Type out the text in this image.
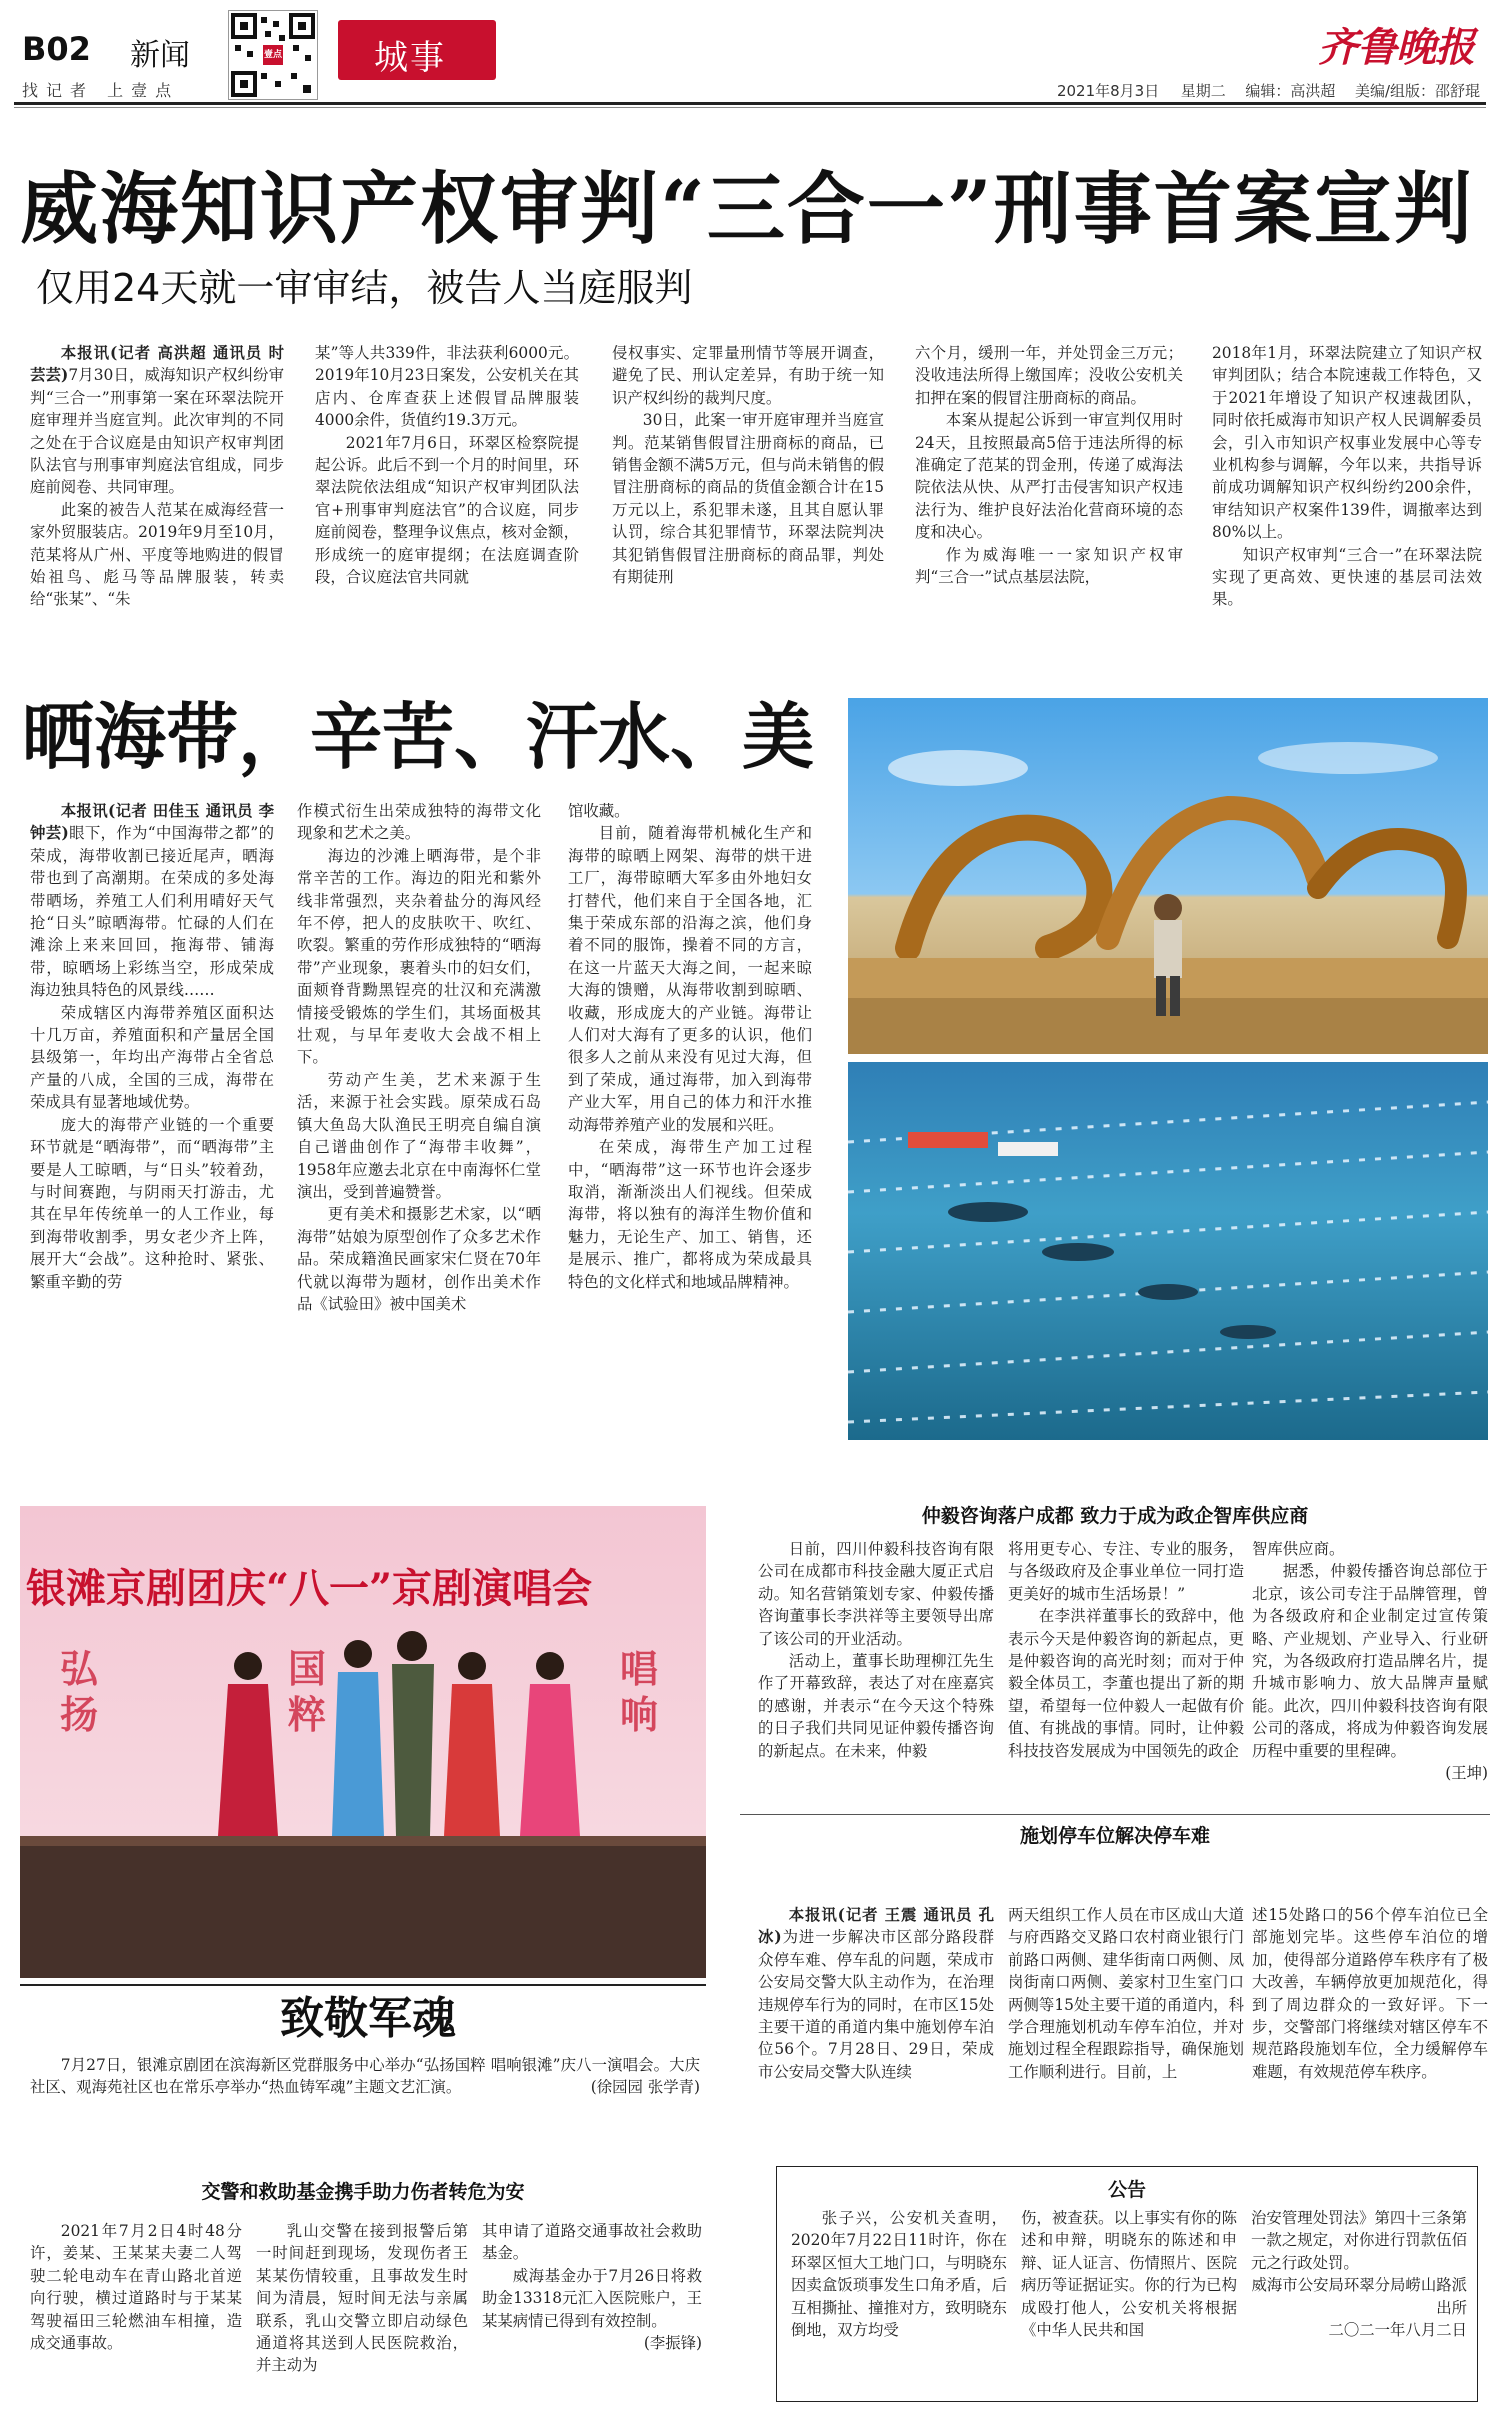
B02 新闻
找记者 上壹点
壹点	城事	齐鲁晚报
2021年8月3日 星期二 编辑：高洪超 美编/组版：邵舒琨
威海知识产权审判“三合一”刑事首案宣判
仅用24天就一审审结，被告人当庭服判

本报讯(记者 高洪超 通讯员 时芸芸)7月30日，威海知识产权纠纷审判“三合一”刑事第一案在环翠法院开庭审理并当庭宣判。此次审判的不同之处在于合议庭是由知识产权审判团队法官与刑事审判庭法官组成，同步庭前阅卷、共同审理。

此案的被告人范某在威海经营一家外贸服装店。2019年9月至10月，范某将从广州、平度等地购进的假冒始祖鸟、彪马等品牌服装，转卖给“张某”、“朱

某”等人共339件，非法获利6000元。2019年10月23日案发，公安机关在其店内、仓库查获上述假冒品牌服装4000余件，货值约19.3万元。

2021年7月6日，环翠区检察院提起公诉。此后不到一个月的时间里，环翠法院依法组成“知识产权审判团队法官+刑事审判庭法官”的合议庭，同步庭前阅卷，整理争议焦点，核对金额，形成统一的庭审提纲；在法庭调查阶段，合议庭法官共同就

侵权事实、定罪量刑情节等展开调查，避免了民、刑认定差异，有助于统一知识产权纠纷的裁判尺度。

30日，此案一审开庭审理并当庭宣判。范某销售假冒注册商标的商品，已销售金额不满5万元，但与尚未销售的假冒注册商标的商品的货值金额合计在15万元以上，系犯罪未遂，且其自愿认罪认罚，综合其犯罪情节，环翠法院判决其犯销售假冒注册商标的商品罪，判处有期徒刑

六个月，缓刑一年，并处罚金三万元；没收违法所得上缴国库；没收公安机关扣押在案的假冒注册商标的商品。

本案从提起公诉到一审宣判仅用时24天，且按照最高5倍于违法所得的标准确定了范某的罚金刑，传递了威海法院依法从快、从严打击侵害知识产权违法行为、维护良好法治化营商环境的态度和决心。

作为威海唯一一家知识产权审判“三合一”试点基层法院，

2018年1月，环翠法院建立了知识产权审判团队；结合本院速裁工作特色，又于2021年增设了知识产权速裁团队，同时依托威海市知识产权人民调解委员会，引入市知识产权事业发展中心等专业机构参与调解，今年以来，共指导诉前成功调解知识产权纠纷约200余件，审结知识产权案件139件，调撤率达到80%以上。

知识产权审判“三合一”在环翠法院实现了更高效、更快速的基层司法效果。

晒海带，辛苦、汗水、美

本报讯(记者 田佳玉 通讯员 李钟芸)眼下，作为“中国海带之都”的荣成，海带收割已接近尾声，晒海带也到了高潮期。在荣成的多处海带晒场，养殖工人们利用晴好天气抢“日头”晾晒海带。忙碌的人们在滩涂上来来回回，拖海带、铺海带，晾晒场上彩练当空，形成荣成海边独具特色的风景线……

荣成辖区内海带养殖区面积达十几万亩，养殖面积和产量居全国县级第一，年均出产海带占全省总产量的八成，全国的三成，海带在荣成具有显著地域优势。

庞大的海带产业链的一个重要环节就是“晒海带”，而“晒海带”主要是人工晾晒，与“日头”较着劲，与时间赛跑，与阴雨天打游击，尤其在早年传统单一的人工作业，每到海带收割季，男女老少齐上阵，展开大“会战”。这种抢时、紧张、繁重辛勤的劳

作模式衍生出荣成独特的海带文化现象和艺术之美。

海边的沙滩上晒海带，是个非常辛苦的工作。海边的阳光和紫外线非常强烈，夹杂着盐分的海风经年不停，把人的皮肤吹干、吹红、吹裂。繁重的劳作形成独特的“晒海带”产业现象，裹着头巾的妇女们，面颊脊背黝黑锃亮的壮汉和充满激情接受锻炼的学生们，其场面极其壮观，与早年麦收大会战不相上下。

劳动产生美，艺术来源于生活，来源于社会实践。原荣成石岛镇大鱼岛大队渔民王明亮自编自演自己谱曲创作了“海带丰收舞”，1958年应邀去北京在中南海怀仁堂演出，受到普遍赞誉。

更有美术和摄影艺术家，以“晒海带”姑娘为原型创作了众多艺术作品。荣成籍渔民画家宋仁贤在70年代就以海带为题材，创作出美术作品《试验田》被中国美术

馆收藏。

目前，随着海带机械化生产和海带的晾晒上网架、海带的烘干进工厂，海带晾晒大军多由外地妇女打替代，他们来自于全国各地，汇集于荣成东部的沿海之滨，他们身着不同的服饰，操着不同的方言，在这一片蓝天大海之间，一起来晾大海的馈赠，从海带收割到晾晒、收藏，形成庞大的产业链。海带让人们对大海有了更多的认识，他们很多人之前从来没有见过大海，但到了荣成，通过海带，加入到海带产业大军，用自己的体力和汗水推动海带养殖产业的发展和兴旺。

在荣成，海带生产加工过程中，“晒海带”这一环节也许会逐步取消，渐渐淡出人们视线。但荣成海带，将以独有的海洋生物价值和魅力，无论生产、加工、销售，还是展示、推广，都将成为荣成最具特色的文化样式和地域品牌精神。

银滩京剧团庆“八一”京剧演唱会
弘扬
国粹
唱响
致敬军魂

7月27日，银滩京剧团在滨海新区党群服务中心举办“弘扬国粹 唱响银滩”庆八一演唱会。大庆社区、观海苑社区也在常乐亭举办“热血铸军魂”主题文艺汇演。	(徐园园 张学青)

仲毅咨询落户成都 致力于成为政企智库供应商

日前，四川仲毅科技咨询有限公司在成都市科技金融大厦正式启动。知名营销策划专家、仲毅传播咨询董事长李洪祥等主要领导出席了该公司的开业活动。

活动上，董事长助理柳江先生作了开幕致辞，表达了对在座嘉宾的感谢，并表示“在今天这个特殊的日子我们共同见证仲毅传播咨询的新起点。在未来，仲毅

将用更专心、专注、专业的服务，与各级政府及企事业单位一同打造更美好的城市生活场景！”

在李洪祥董事长的致辞中，他表示今天是仲毅咨询的新起点，更是仲毅咨询的高光时刻；而对于仲毅全体员工，李董也提出了新的期望，希望每一位仲毅人一起做有价值、有挑战的事情。同时，让仲毅科技技咨发展成为中国领先的政企

智库供应商。

据悉，仲毅传播咨询总部位于北京，该公司专注于品牌管理，曾为各级政府和企业制定过宣传策略、产业规划、产业导入、行业研究，为各级政府打造品牌名片，提升城市影响力、放大品牌声量赋能。此次，四川仲毅科技咨询有限公司的落成，将成为仲毅咨询发展历程中重要的里程碑。

(王坤)

施划停车位解决停车难

本报讯(记者 王震 通讯员 孔冰)为进一步解决市区部分路段群众停车难、停车乱的问题，荣成市公安局交警大队主动作为，在治理违规停车行为的同时，在市区15处主要干道的甬道内集中施划停车泊位56个。7月28日、29日，荣成市公安局交警大队连续

两天组织工作人员在市区成山大道与府西路交叉路口农村商业银行门前路口两侧、建华街南口两侧、凤岗街南口两侧、姜家村卫生室门口两侧等15处主要干道的甬道内，科学合理施划机动车停车泊位，并对施划过程全程跟踪指导，确保施划工作顺利进行。目前，上

述15处路口的56个停车泊位已全部施划完毕。这些停车泊位的增加，使得部分道路停车秩序有了极大改善，车辆停放更加规范化，得到了周边群众的一致好评。下一步，交警部门将继续对辖区停车不规范路段施划车位，全力缓解停车难题，有效规范停车秩序。

交警和救助基金携手助力伤者转危为安

2021年7月2日4时48分许，姜某、王某某夫妻二人驾驶二轮电动车在青山路北首逆向行驶，横过道路时与于某某驾驶福田三轮燃油车相撞，造成交通事故。

乳山交警在接到报警后第一时间赶到现场，发现伤者王某某伤情较重，且事故发生时间为清晨，短时间无法与亲属联系，乳山交警立即启动绿色通道将其送到人民医院救治，并主动为

其申请了道路交通事故社会救助基金。

威海基金办于7月26日将救助金13318元汇入医院账户，王某某病情已得到有效控制。

(李振锋)

公告

张子兴，公安机关查明，2020年7月22日11时许，你在环翠区恒大工地门口，与明晓东因卖盒饭琐事发生口角矛盾，后互相撕扯、撞推对方，致明晓东倒地，双方均受

伤，被查获。以上事实有你的陈述和申辩，明晓东的陈述和申辩、证人证言、伤情照片、医院病历等证据证实。你的行为已构成殴打他人，公安机关将根据《中华人民共和国

治安管理处罚法》第四十三条第一款之规定，对你进行罚款伍佰元之行政处罚。

威海市公安局环翠分局崂山路派出所

二〇二一年八月二日
